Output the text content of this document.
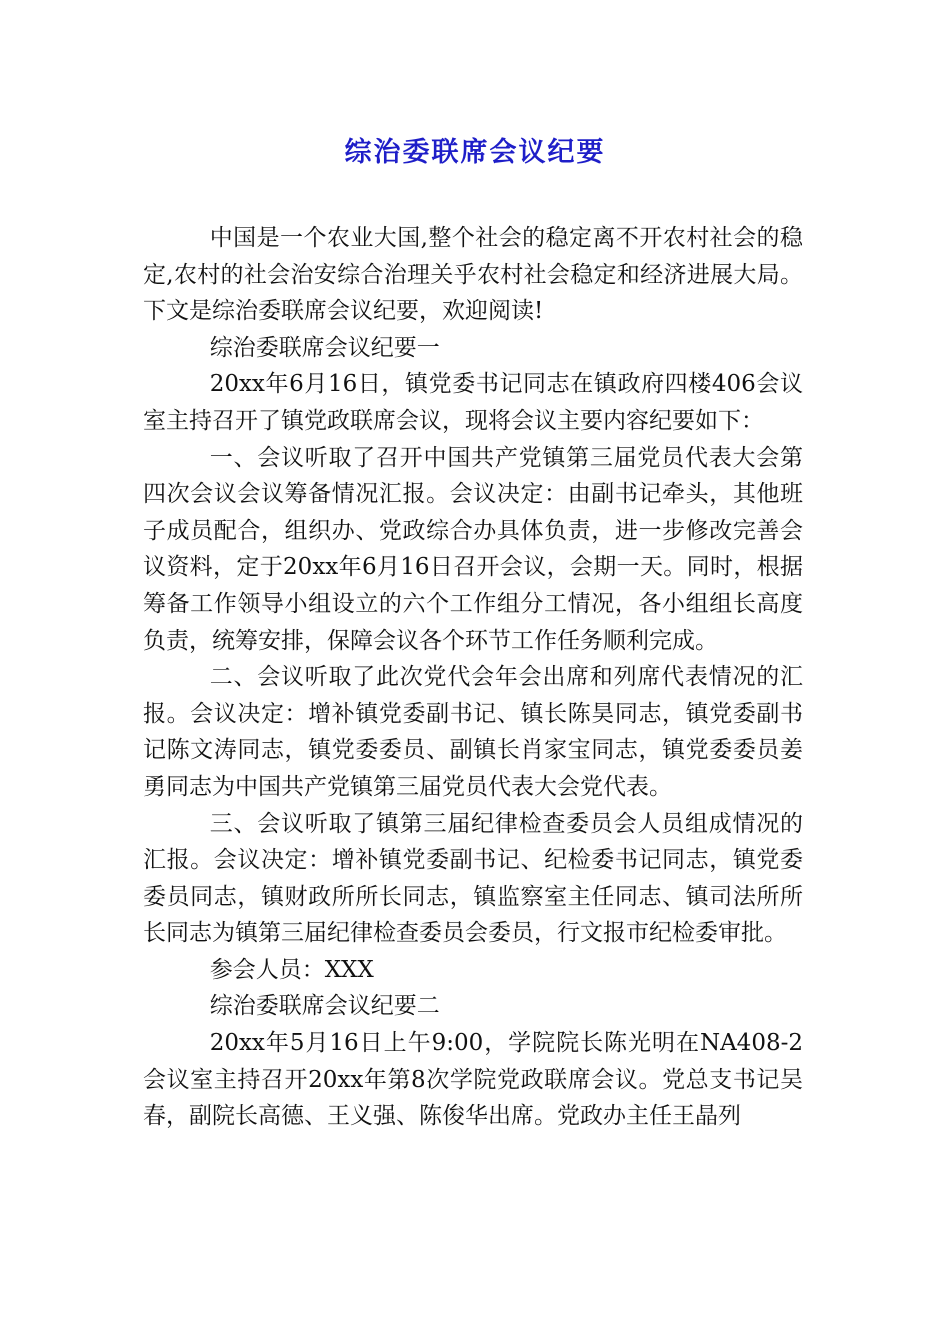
综治委联席会议纪要

中国是一个农业大国,整个社会的稳定离不开农村社会的稳定,农村的社会治安综合治理关乎农村社会稳定和经济进展大局。下文是综治委联席会议纪要，欢迎阅读!

综治委联席会议纪要一

20xx年6月16日，镇党委书记同志在镇政府四楼406会议室主持召开了镇党政联席会议，现将会议主要内容纪要如下：

一、会议听取了召开中国共产党镇第三届党员代表大会第四次会议会议筹备情况汇报。会议决定：由副书记牵头，其他班子成员配合，组织办、党政综合办具体负责，进一步修改完善会议资料，定于20xx年6月16日召开会议，会期一天。同时，根据筹备工作领导小组设立的六个工作组分工情况，各小组组长高度负责，统筹安排，保障会议各个环节工作任务顺利完成。

二、会议听取了此次党代会年会出席和列席代表情况的汇报。会议决定：增补镇党委副书记、镇长陈昊同志，镇党委副书记陈文涛同志，镇党委委员、副镇长肖家宝同志，镇党委委员姜勇同志为中国共产党镇第三届党员代表大会党代表。

三、会议听取了镇第三届纪律检查委员会人员组成情况的汇报。会议决定：增补镇党委副书记、纪检委书记同志，镇党委委员同志，镇财政所所长同志，镇监察室主任同志、镇司法所所长同志为镇第三届纪律检查委员会委员，行文报市纪检委审批。

参会人员：XXX

综治委联席会议纪要二

20xx年5月16日上午9:00，学院院长陈光明在NA408-2会议室主持召开20xx年第8次学院党政联席会议。党总支书记吴春，副院长高德、王义强、陈俊华出席。党政办主任王晶列
